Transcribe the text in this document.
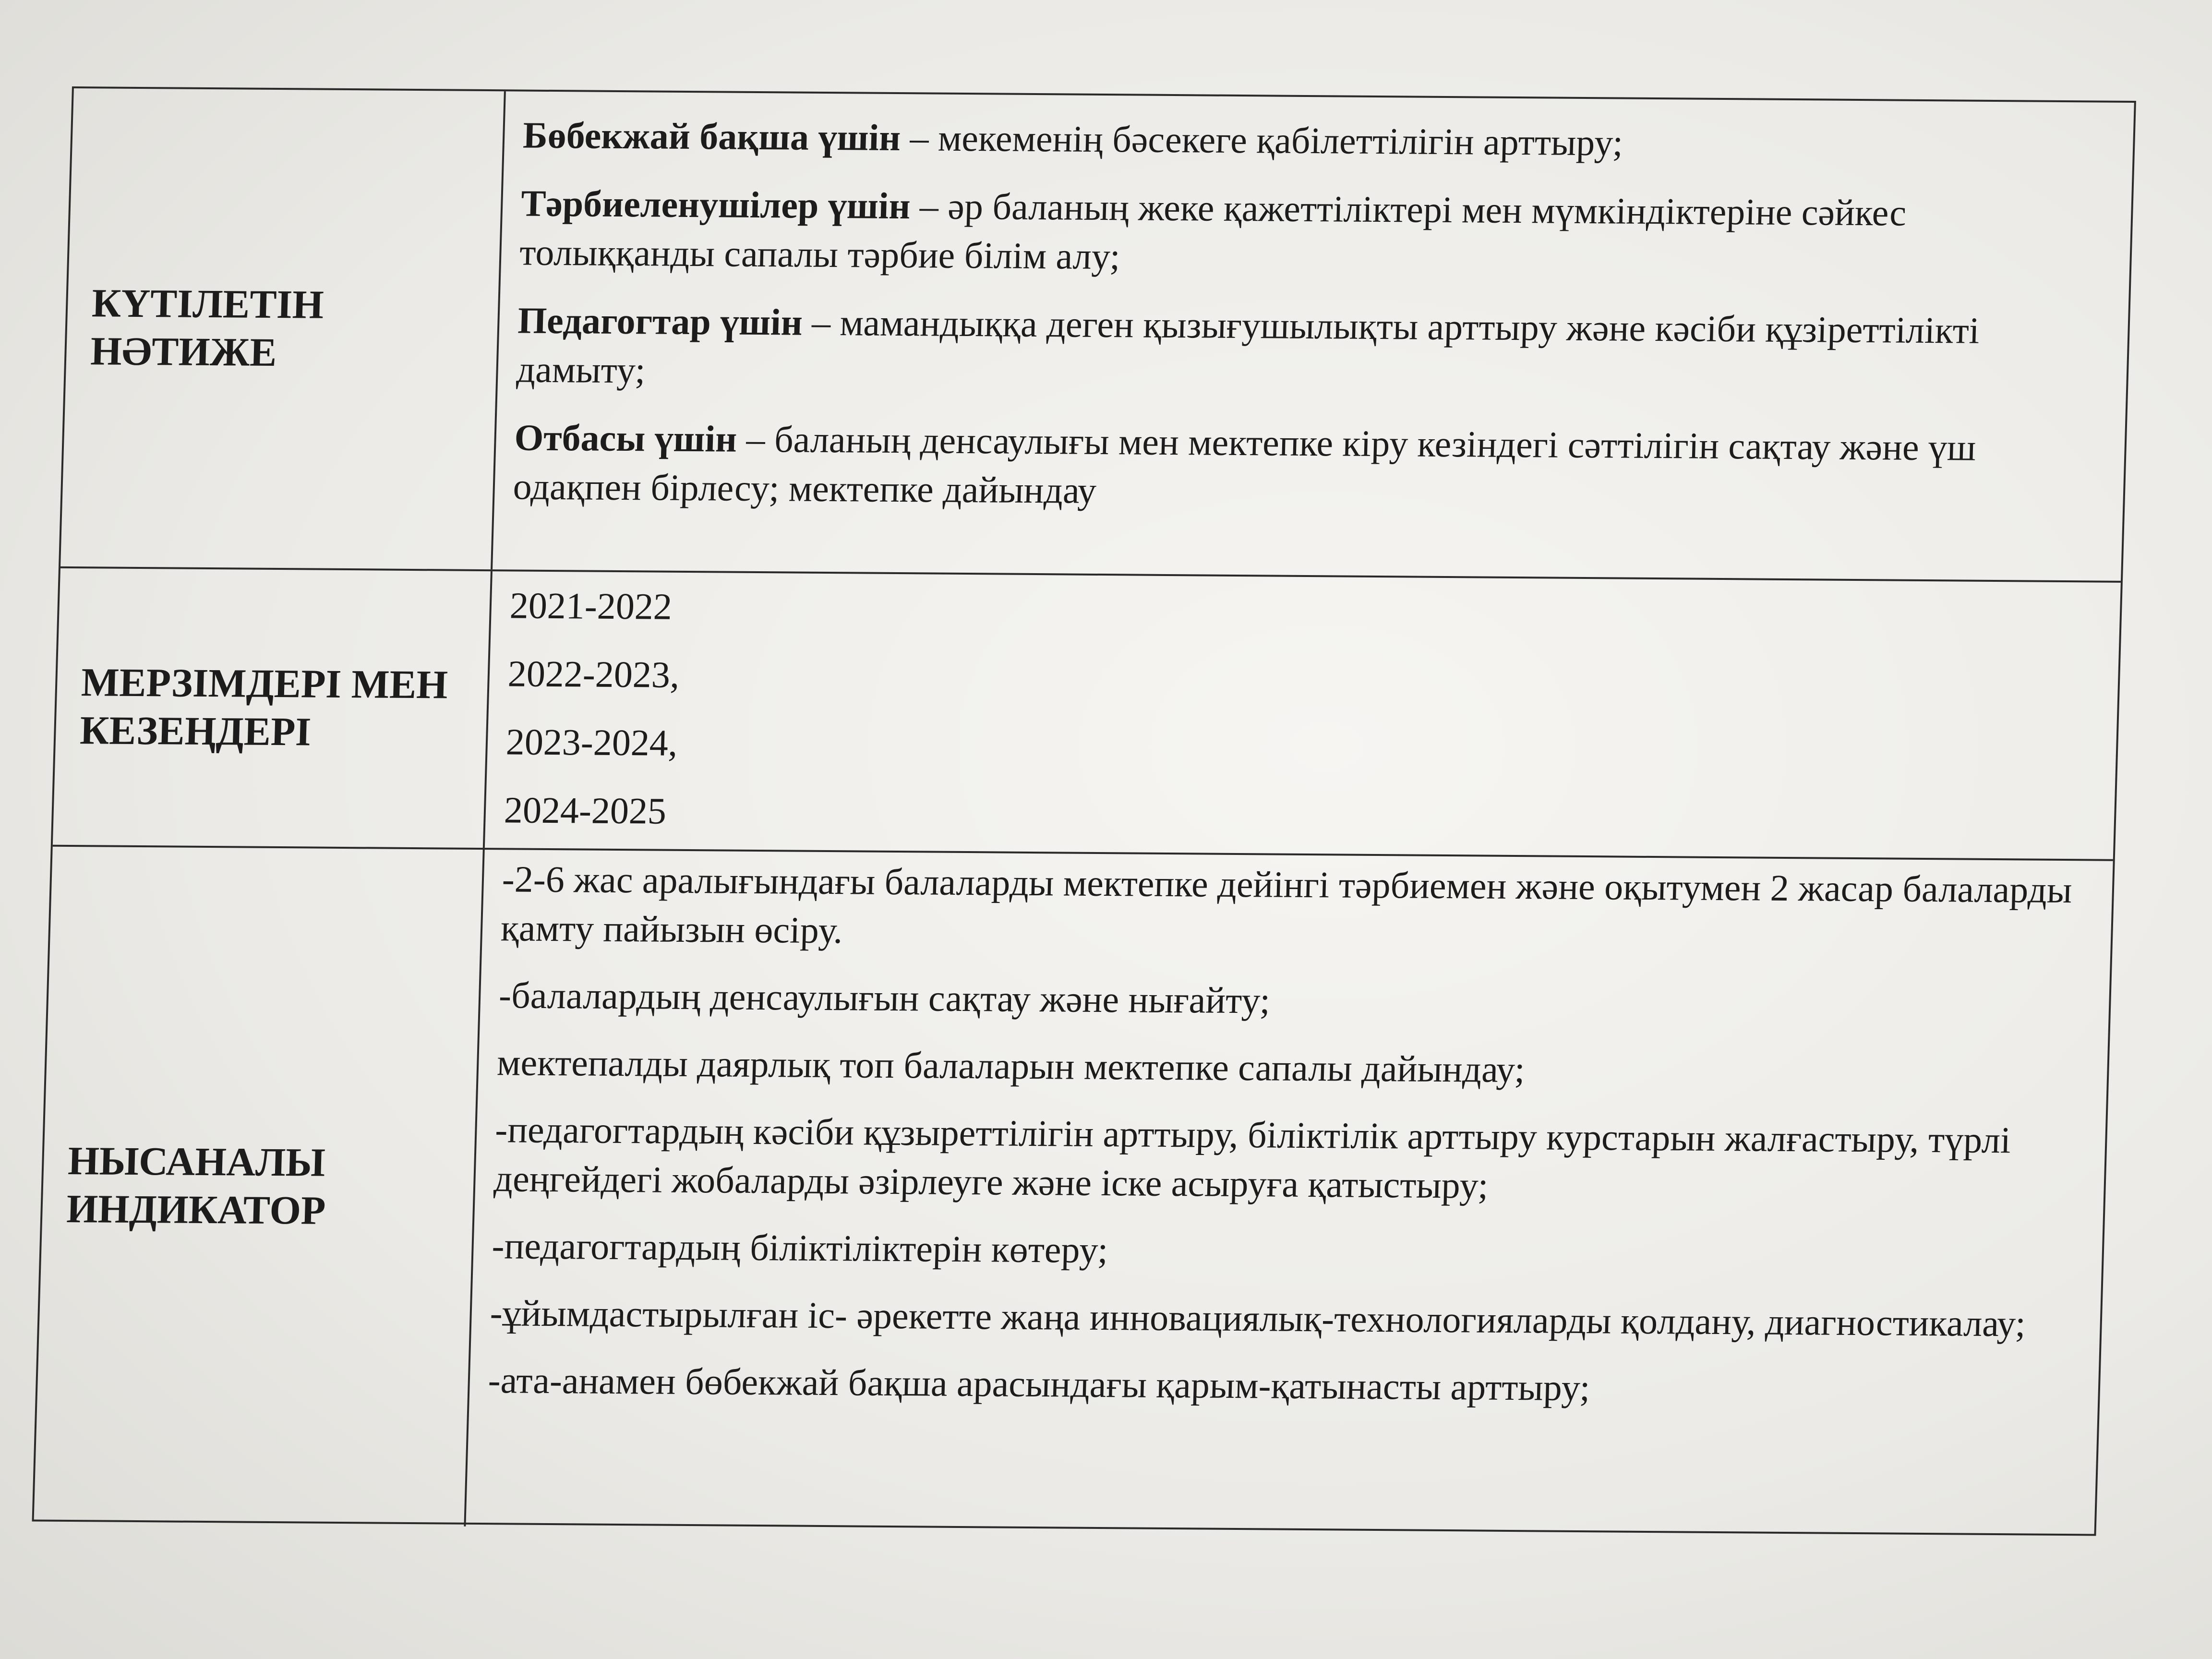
КҮТІЛЕТІН
НӘТИЖЕ

Бөбекжай бақша үшін – мекеменің бәсекеге қабілеттілігін арттыру;

Тәрбиеленушілер үшін – әр баланың жеке қажеттіліктері мен мүмкіндіктеріне сәйкес толыққанды сапалы тәрбие білім алу;

Педагогтар үшін – мамандыққа деген қызығушылықты арттыру және кәсіби құзіреттілікті дамыту;

Отбасы үшін – баланың денсаулығы мен мектепке кіру кезіндегі сәттілігін сақтау және үш одақпен бірлесу; мектепке дайындау

МЕРЗІМДЕРІ МЕН
КЕЗЕҢДЕРІ

2021-2022

2022-2023,

2023-2024,

2024-2025

НЫСАНАЛЫ
ИНДИКАТОР

-2-6 жас аралығындағы балаларды мектепке дейінгі тәрбиемен және оқытумен 2 жасар балаларды қамту пайызын өсіру.

-балалардың денсаулығын сақтау және нығайту;

мектепалды даярлық топ балаларын мектепке сапалы дайындау;

-педагогтардың кәсіби құзыреттілігін арттыру, біліктілік арттыру курстарын жалғастыру, түрлі деңгейдегі жобаларды әзірлеуге және іске асыруға қатыстыру;

-педагогтардың біліктіліктерін көтеру;

-ұйымдастырылған іс- әрекетте жаңа инновациялық-технологияларды қолдану, диагностикалау;

-ата-анамен бөбекжай бақша арасындағы қарым-қатынасты арттыру;
